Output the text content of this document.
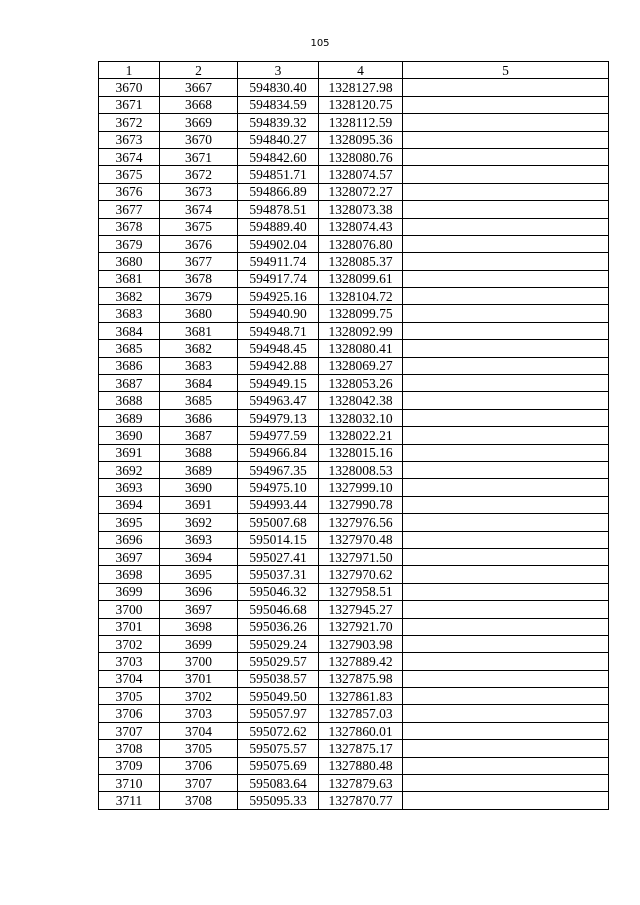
105
1	2	3	4	5
3670	3667	594830.40	1328127.98	
3671	3668	594834.59	1328120.75	
3672	3669	594839.32	1328112.59	
3673	3670	594840.27	1328095.36	
3674	3671	594842.60	1328080.76	
3675	3672	594851.71	1328074.57	
3676	3673	594866.89	1328072.27	
3677	3674	594878.51	1328073.38	
3678	3675	594889.40	1328074.43	
3679	3676	594902.04	1328076.80	
3680	3677	594911.74	1328085.37	
3681	3678	594917.74	1328099.61	
3682	3679	594925.16	1328104.72	
3683	3680	594940.90	1328099.75	
3684	3681	594948.71	1328092.99	
3685	3682	594948.45	1328080.41	
3686	3683	594942.88	1328069.27	
3687	3684	594949.15	1328053.26	
3688	3685	594963.47	1328042.38	
3689	3686	594979.13	1328032.10	
3690	3687	594977.59	1328022.21	
3691	3688	594966.84	1328015.16	
3692	3689	594967.35	1328008.53	
3693	3690	594975.10	1327999.10	
3694	3691	594993.44	1327990.78	
3695	3692	595007.68	1327976.56	
3696	3693	595014.15	1327970.48	
3697	3694	595027.41	1327971.50	
3698	3695	595037.31	1327970.62	
3699	3696	595046.32	1327958.51	
3700	3697	595046.68	1327945.27	
3701	3698	595036.26	1327921.70	
3702	3699	595029.24	1327903.98	
3703	3700	595029.57	1327889.42	
3704	3701	595038.57	1327875.98	
3705	3702	595049.50	1327861.83	
3706	3703	595057.97	1327857.03	
3707	3704	595072.62	1327860.01	
3708	3705	595075.57	1327875.17	
3709	3706	595075.69	1327880.48	
3710	3707	595083.64	1327879.63	
3711	3708	595095.33	1327870.77	
